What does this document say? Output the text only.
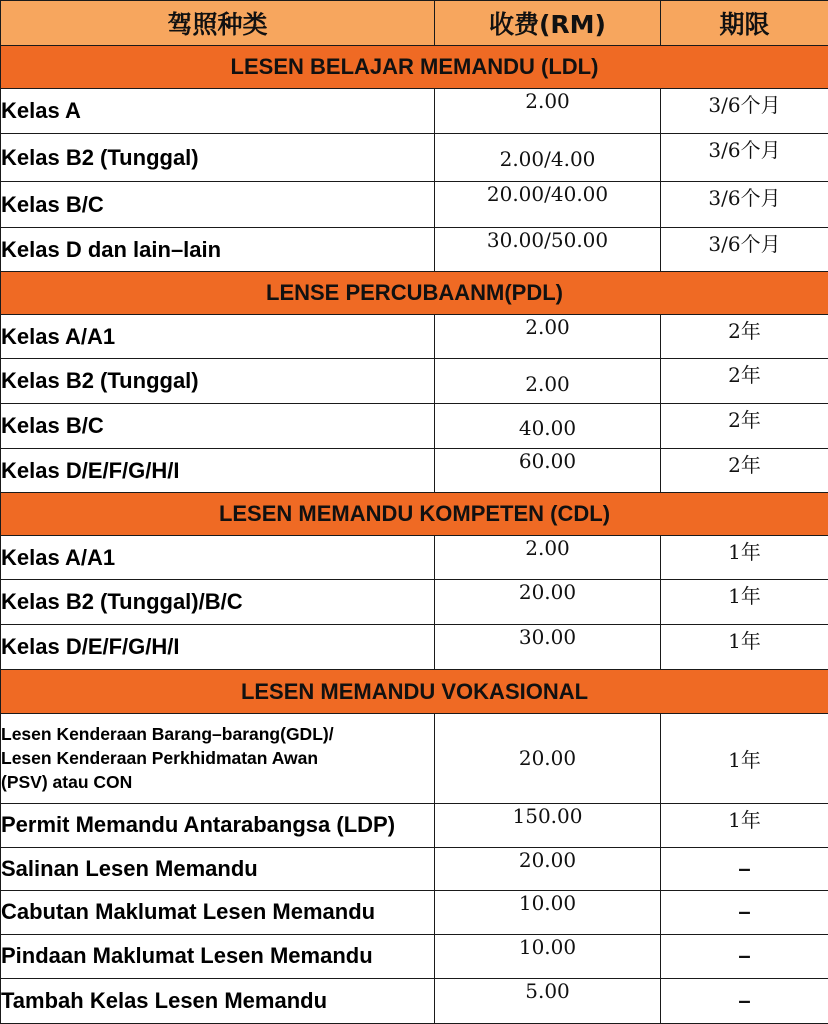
驾照种类	收费(RM)	期限
LESEN BELAJAR MEMANDU (LDL)		
Kelas A	2.00	3/6个月
Kelas B2 (Tunggal)	2.00/4.00	3/6个月
Kelas B/C	20.00/40.00	3/6个月
Kelas D dan lain–lain	30.00/50.00	3/6个月
LENSE PERCUBAANM(PDL)		
Kelas A/A1	2.00	2年
Kelas B2 (Tunggal)	2.00	2年
Kelas B/C	40.00	2年
Kelas D/E/F/G/H/I	60.00	2年
LESEN MEMANDU KOMPETEN (CDL)		
Kelas A/A1	2.00	1年
Kelas B2 (Tunggal)/B/C	20.00	1年
Kelas D/E/F/G/H/I	30.00	1年
LESEN MEMANDU VOKASIONAL		

Lesen Kenderaan Barang–barang(GDL)/
Lesen Kenderaan Perkhidmatan Awan
(PSV) atau CON	20.00	1年
Permit Memandu Antarabangsa (LDP)	150.00	1年
Salinan Lesen Memandu	20.00	–
Cabutan Maklumat Lesen Memandu	10.00	–
Pindaan Maklumat Lesen Memandu	10.00	–
Tambah Kelas Lesen Memandu	5.00	–
